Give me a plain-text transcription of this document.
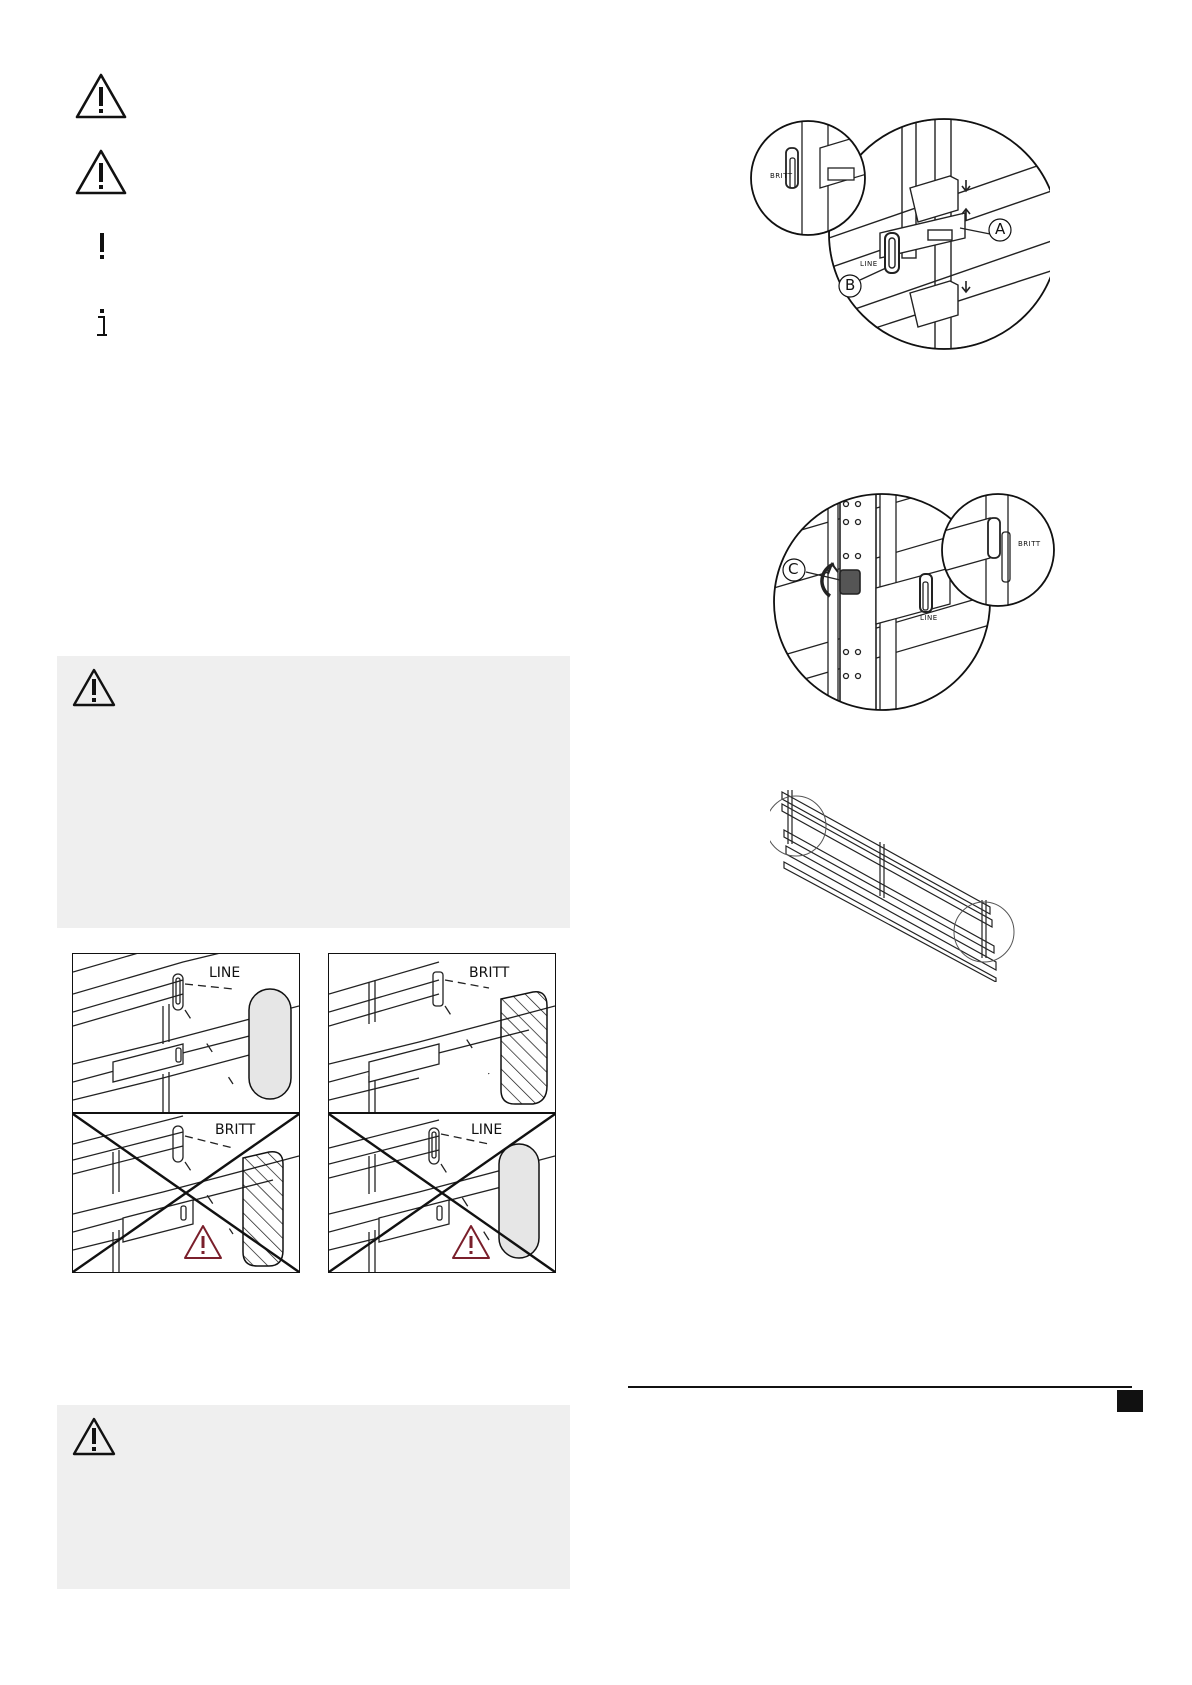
LINE	BRITT
BRITT	LINE
BRITT
LINE
A
B
BRITT
LINE
C
